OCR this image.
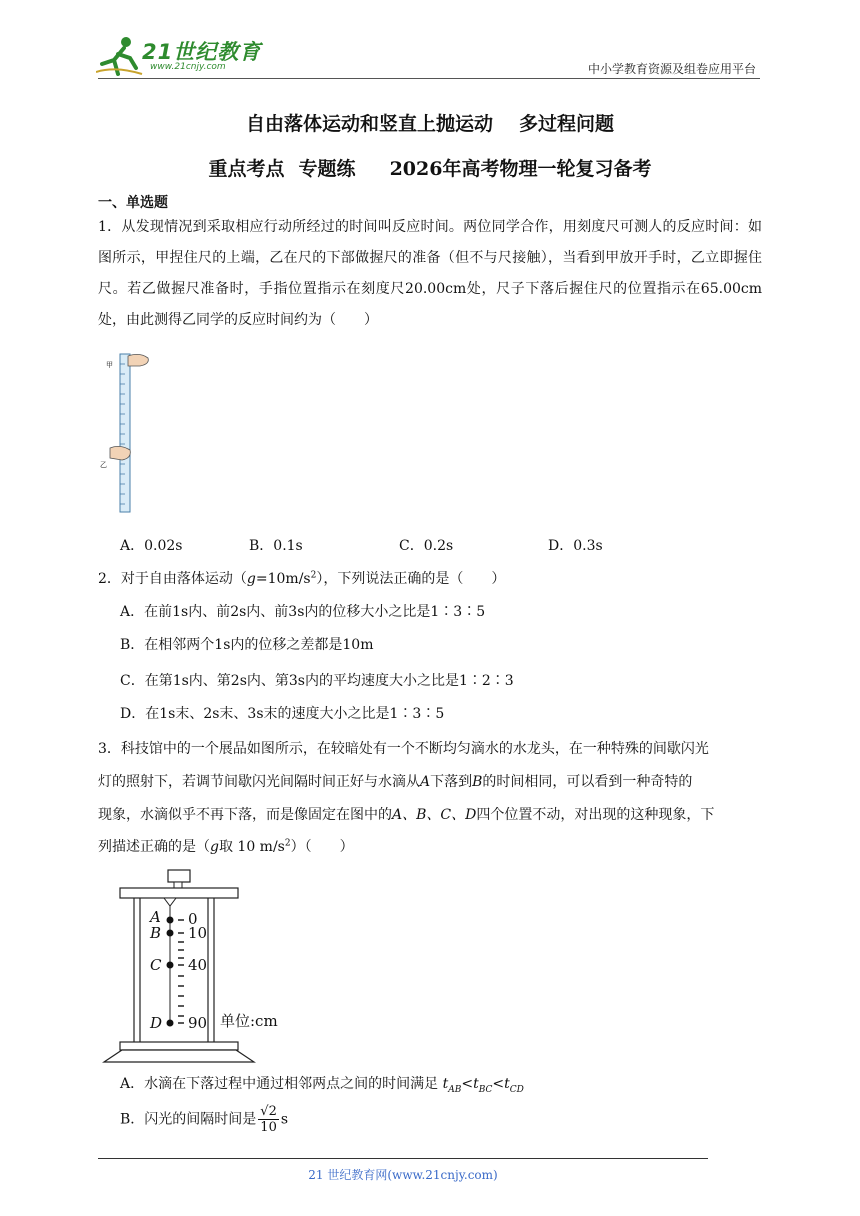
21世纪教育
www.21cnjy.com	中小学教育资源及组卷应用平台
自由落体运动和竖直上抛运动 多过程问题
重点考点 专题练 2026年高考物理一轮复习备考
一、单选题
1．从发现情况到采取相应行动所经过的时间叫反应时间。两位同学合作，用刻度尺可测人的反应时间：如图所示，甲捏住尺的上端，乙在尺的下部做握尺的准备（但不与尺接触），当看到甲放开手时，乙立即握住尺。若乙做握尺准备时，手指位置指示在刻度尺20.00cm处，尺子下落后握住尺的位置指示在65.00cm处，由此测得乙同学的反应时间约为（　　）
甲
乙
A．0.02s	B．0.1s	C．0.2s	D．0.3s
2．对于自由落体运动$(g=10m/s^2)$，下列说法正确的是（　　）
A．在前1s内、前2s内、前3s内的位移大小之比是1∶3∶5
B．在相邻两个1s内的位移之差都是10m
C．在第1s内、第2s内、第3s内的平均速度大小之比是1∶2∶3
D．在1s末、2s末、3s末的速度大小之比是1∶3∶5
3．科技馆中的一个展品如图所示，在较暗处有一个不断均匀滴水的水龙头，在一种特殊的间歇闪光
灯的照射下，若调节间歇闪光间隔时间正好与水滴从A下落到B的时间相同，可以看到一种奇特的
现象，水滴似乎不再下落，而是像固定在图中的A、B、C、D四个位置不动，对出现的这种现象，下
列描述正确的是（g取 10 $m/s^2$）（　　）
A
B
C
D
0
10
40
90 单位:cm
A．水滴在下落过程中通过相邻两点之间的时间满足 $t_{AB}<t_{BC}<t_{CD}$
B．闪光的间隔时间是 $\frac{√2}{10}$ s
21 世纪教育网(www.21cnjy.com)
